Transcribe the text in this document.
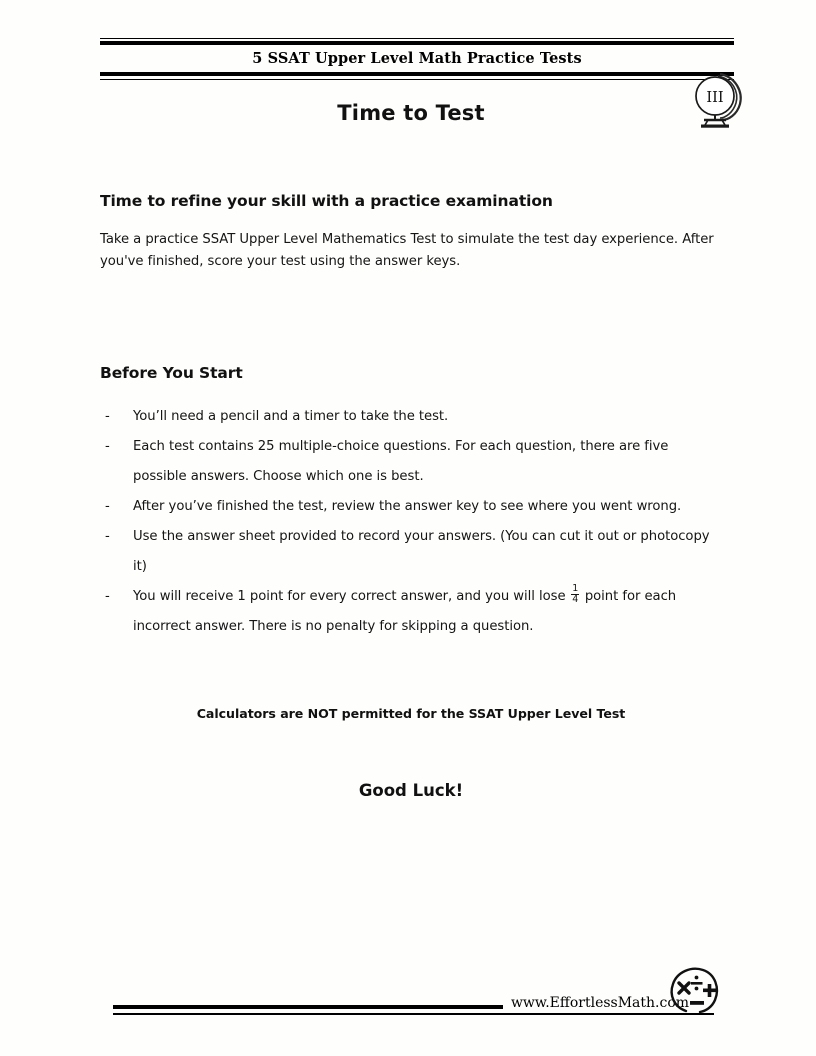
5 SSAT Upper Level Math Practice Tests
III
Time to Test
Time to refine your skill with a practice examination

Take a practice SSAT Upper Level Mathematics Test to simulate the test day experience. After you've finished, score your test using the answer keys.

Before You Start
- You’ll need a pencil and a timer to take the test.
- Each test contains 25 multiple-choice questions. For each question, there are five possible answers. Choose which one is best.
- After you’ve finished the test, review the answer key to see where you went wrong.
- Use the answer sheet provided to record your answers. (You can cut it out or photocopy it)
- You will receive 1 point for every correct answer, and you will lose $\frac{1}{4}$ point for each incorrect answer. There is no penalty for skipping a question.

Calculators are NOT permitted for the SSAT Upper Level Test

Good Luck!

www.EffortlessMath.com
